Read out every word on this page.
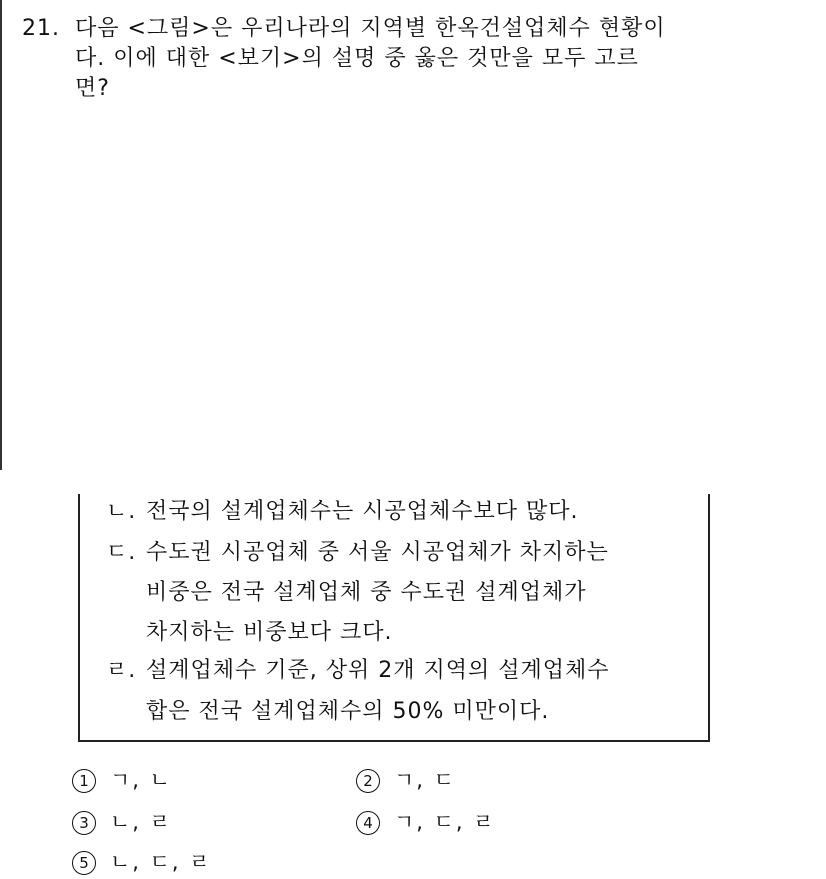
21. 다음 <그림>은 우리나라의 지역별 한옥건설업체수 현황이
다. 이에 대한 <보기>의 설명 중 옳은 것만을 모두 고르
면?
ㄴ. 전국의 설계업체수는 시공업체수보다 많다.
ㄷ. 수도권 시공업체 중 서울 시공업체가 차지하는
비중은 전국 설계업체 중 수도권 설계업체가
차지하는 비중보다 크다.
ㄹ. 설계업체수 기준, 상위 2개 지역의 설계업체수
합은 전국 설계업체수의 50% 미만이다.
1 ㄱ, ㄴ	2 ㄱ, ㄷ
3 ㄴ, ㄹ	4 ㄱ, ㄷ, ㄹ
5 ㄴ, ㄷ, ㄹ
